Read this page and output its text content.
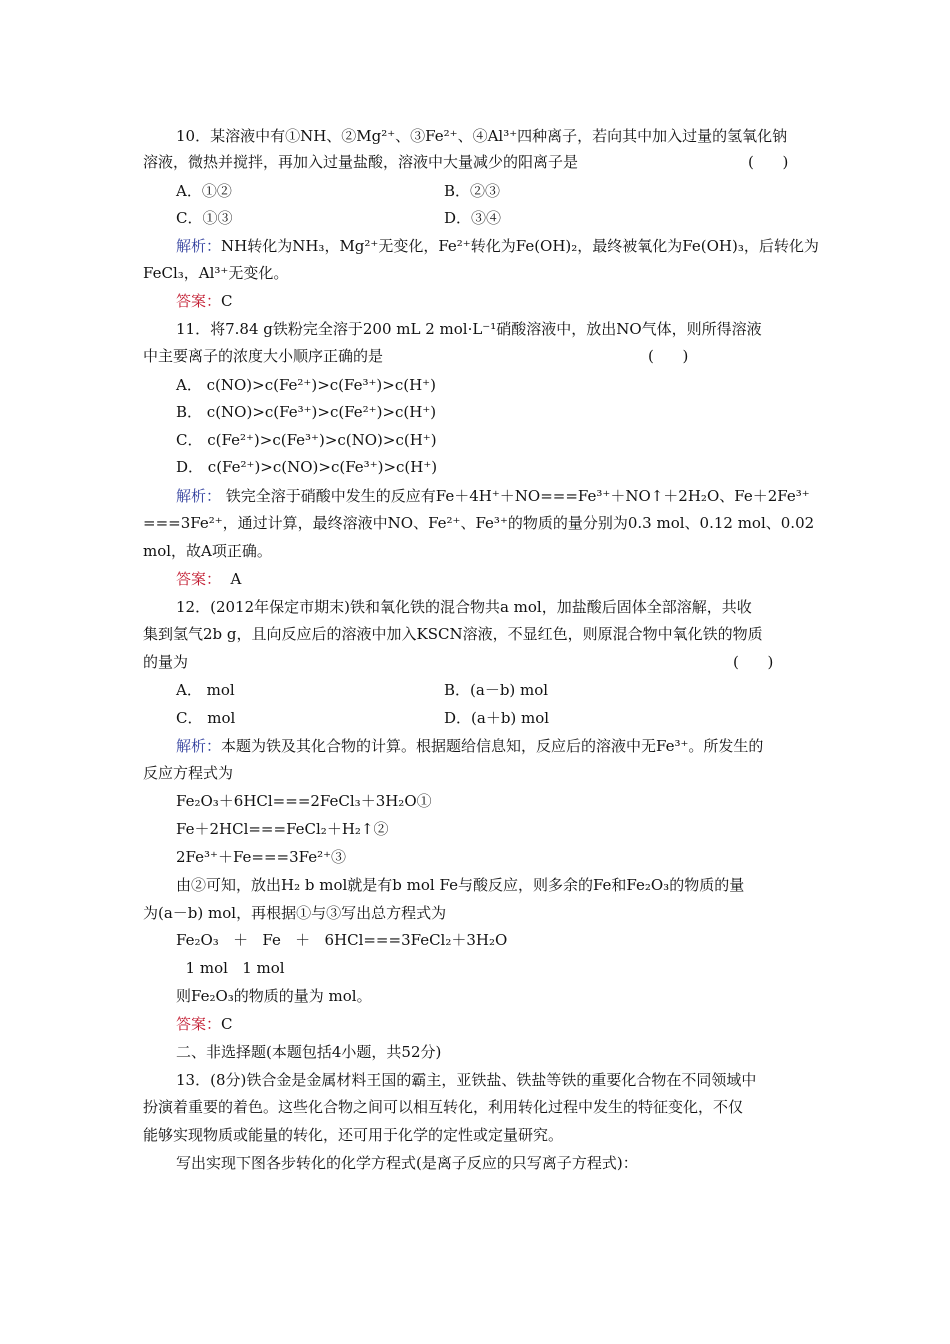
10．某溶液中有①NH、②Mg²⁺、③Fe²⁺、④Al³⁺四种离子，若向其中加入过量的氢氧化钠
溶液，微热并搅拌，再加入过量盐酸，溶液中大量减少的阳离子是	(      )
A．①②	B．②③
C．①③	D．③④
解析：NH转化为NH₃，Mg²⁺无变化，Fe²⁺转化为Fe(OH)₂，最终被氧化为Fe(OH)₃，后转化为
FeCl₃，Al³⁺无变化。
答案：C
11．将7.84 g铁粉完全溶于200 mL 2 mol·L⁻¹硝酸溶液中，放出NO气体，则所得溶液
中主要离子的浓度大小顺序正确的是	(      )
A． c(NO)>c(Fe²⁺)>c(Fe³⁺)>c(H⁺)
B． c(NO)>c(Fe³⁺)>c(Fe²⁺)>c(H⁺)
C． c(Fe²⁺)>c(Fe³⁺)>c(NO)>c(H⁺)
D． c(Fe²⁺)>c(NO)>c(Fe³⁺)>c(H⁺)
解析： 铁完全溶于硝酸中发生的反应有Fe＋4H⁺＋NO===Fe³⁺＋NO↑＋2H₂O、Fe＋2Fe³⁺
===3Fe²⁺，通过计算，最终溶液中NO、Fe²⁺、Fe³⁺的物质的量分别为0.3 mol、0.12 mol、0.02
mol，故A项正确。
答案：  A
12．(2012年保定市期末)铁和氧化铁的混合物共a mol，加盐酸后固体全部溶解，共收
集到氢气2b g，且向反应后的溶液中加入KSCN溶液，不显红色，则原混合物中氧化铁的物质
的量为	(      )
A． mol	B．(a－b) mol
C． mol	D．(a＋b) mol
解析：本题为铁及其化合物的计算。根据题给信息知，反应后的溶液中无Fe³⁺。所发生的
反应方程式为
Fe₂O₃＋6HCl===2FeCl₃＋3H₂O①
Fe＋2HCl===FeCl₂＋H₂↑②
2Fe³⁺＋Fe===3Fe²⁺③
由②可知，放出H₂ b mol就是有b mol Fe与酸反应，则多余的Fe和Fe₂O₃的物质的量
为(a－b) mol，再根据①与③写出总方程式为
Fe₂O₃   ＋   Fe   ＋   6HCl===3FeCl₂＋3H₂O
1 mol   1 mol
则Fe₂O₃的物质的量为 mol。
答案：C
二、非选择题(本题包括4小题，共52分)
13．(8分)铁合金是金属材料王国的霸主，亚铁盐、铁盐等铁的重要化合物在不同领域中
扮演着重要的着色。这些化合物之间可以相互转化，利用转化过程中发生的特征变化，不仅
能够实现物质或能量的转化，还可用于化学的定性或定量研究。
写出实现下图各步转化的化学方程式(是离子反应的只写离子方程式)：
